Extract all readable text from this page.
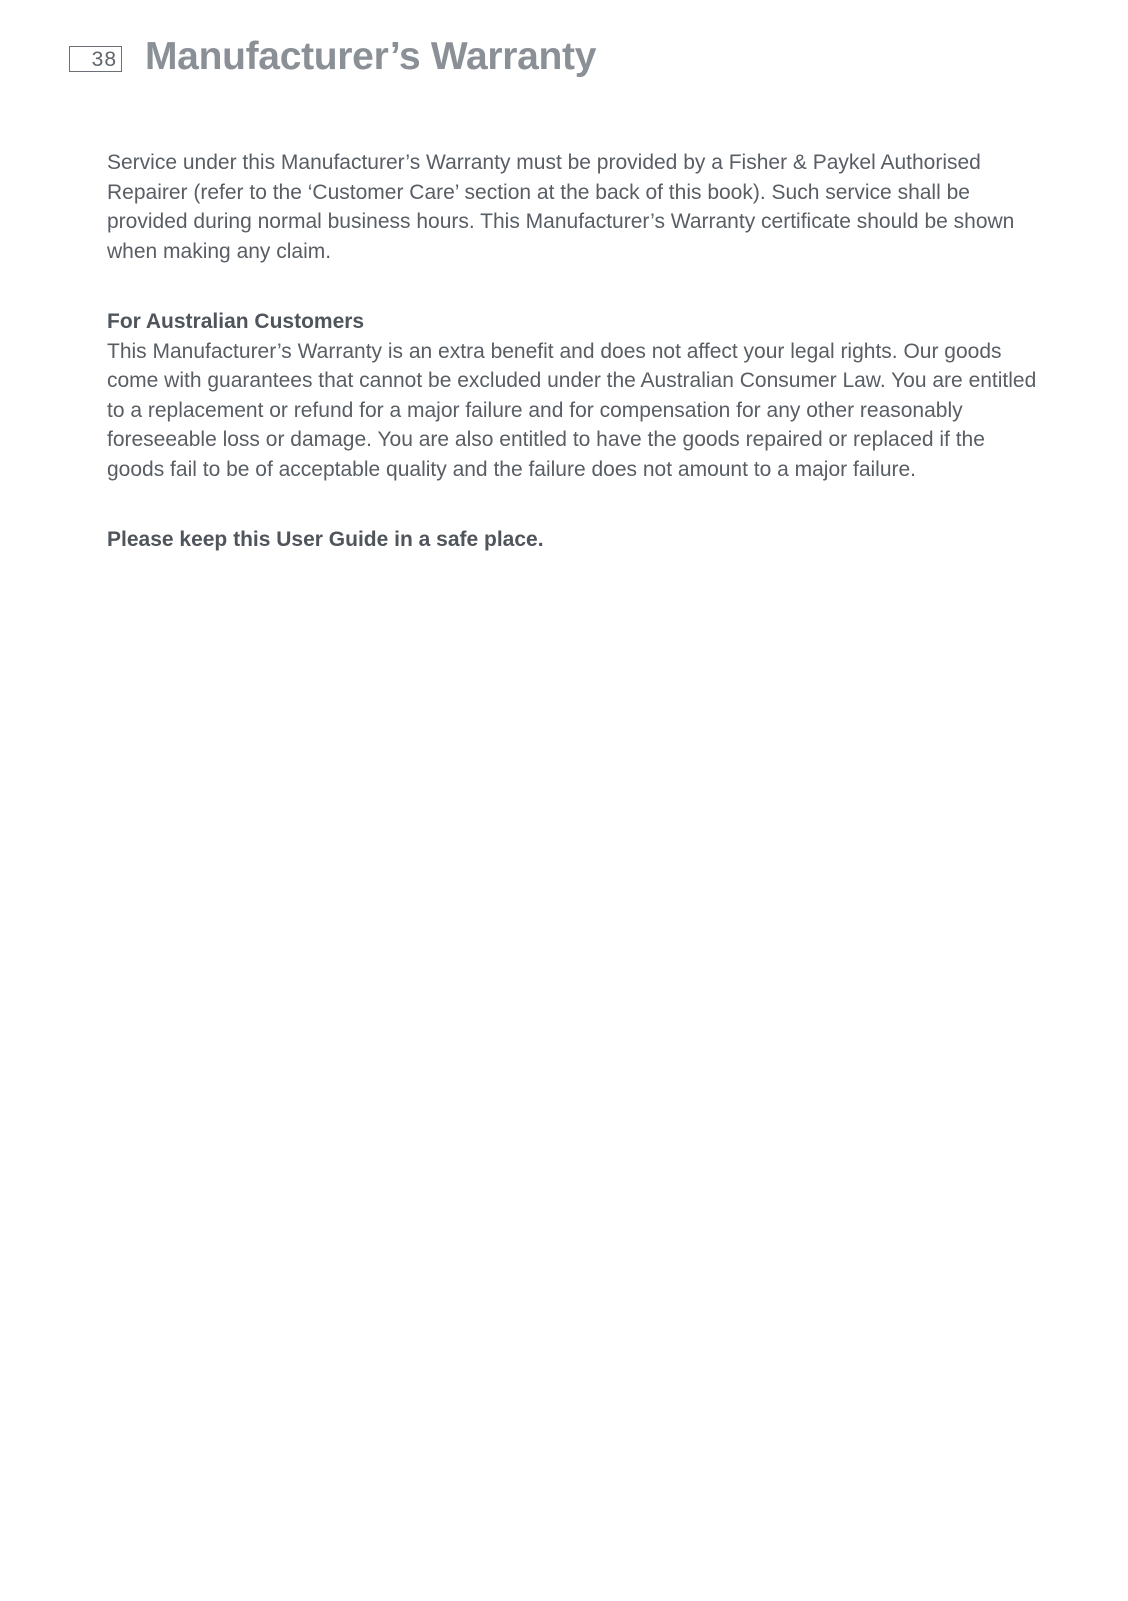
38 Manufacturer’s Warranty

Service under this Manufacturer’s Warranty must be provided by a Fisher & Paykel Authorised Repairer (refer to the ‘Customer Care’ section at the back of this book). Such service shall be provided during normal business hours. This Manufacturer’s Warranty certificate should be shown when making any claim.

For Australian Customers

This Manufacturer’s Warranty is an extra benefit and does not affect your legal rights. Our goods come with guarantees that cannot be excluded under the Australian Consumer Law. You are entitled to a replacement or refund for a major failure and for compensation for any other reasonably foreseeable loss or damage. You are also entitled to have the goods repaired or replaced if the goods fail to be of acceptable quality and the failure does not amount to a major failure.

Please keep this User Guide in a safe place.
